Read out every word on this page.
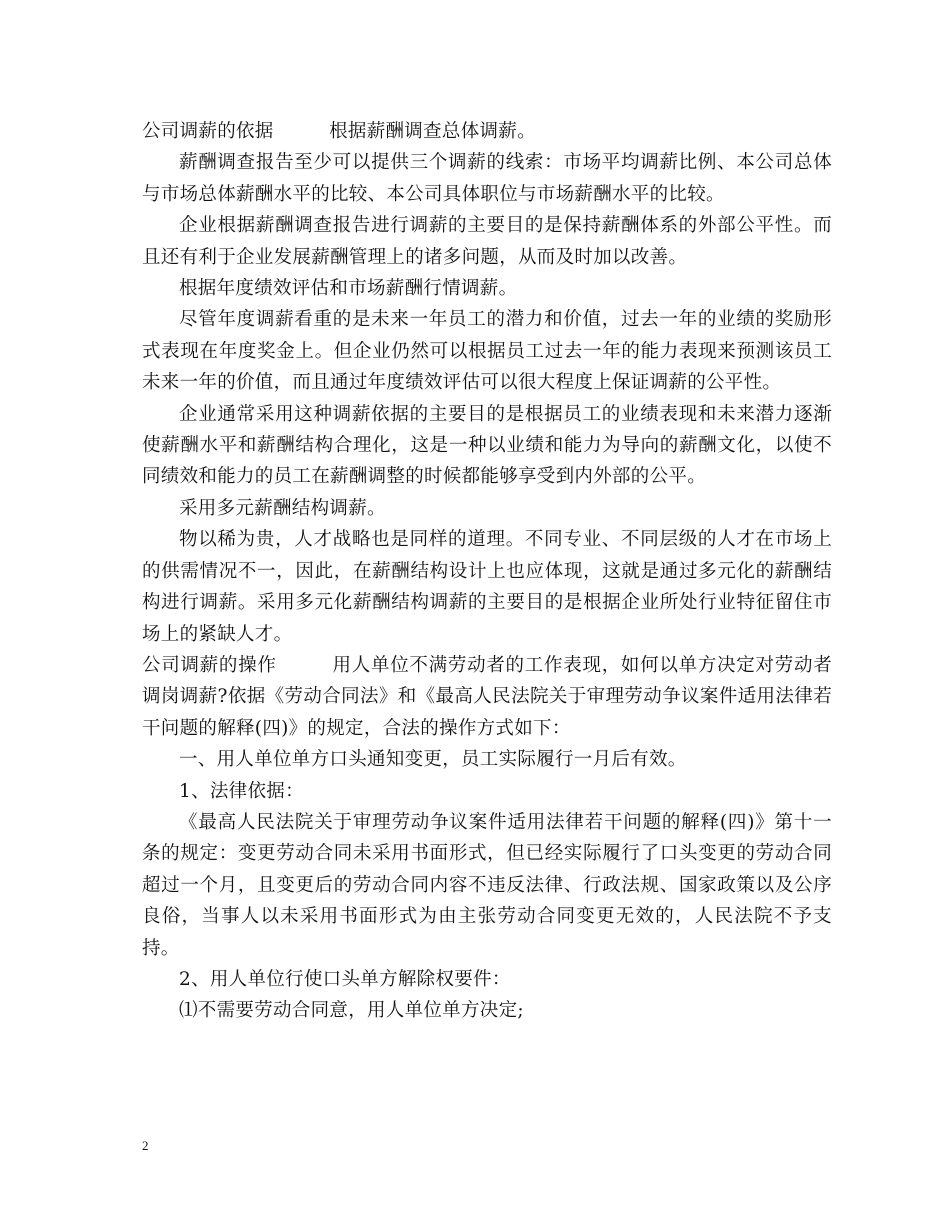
公司调薪的依据	根据薪酬调查总体调薪。

薪酬调查报告至少可以提供三个调薪的线索：市场平均调薪比例、本公司总体与市场总体薪酬水平的比较、本公司具体职位与市场薪酬水平的比较。

企业根据薪酬调查报告进行调薪的主要目的是保持薪酬体系的外部公平性。而且还有利于企业发展薪酬管理上的诸多问题，从而及时加以改善。

根据年度绩效评估和市场薪酬行情调薪。

尽管年度调薪看重的是未来一年员工的潜力和价值，过去一年的业绩的奖励形式表现在年度奖金上。但企业仍然可以根据员工过去一年的能力表现来预测该员工未来一年的价值，而且通过年度绩效评估可以很大程度上保证调薪的公平性。

企业通常采用这种调薪依据的主要目的是根据员工的业绩表现和未来潜力逐渐使薪酬水平和薪酬结构合理化，这是一种以业绩和能力为导向的薪酬文化，以使不同绩效和能力的员工在薪酬调整的时候都能够享受到内外部的公平。

采用多元薪酬结构调薪。

物以稀为贵，人才战略也是同样的道理。不同专业、不同层级的人才在市场上的供需情况不一，因此，在薪酬结构设计上也应体现，这就是通过多元化的薪酬结构进行调薪。采用多元化薪酬结构调薪的主要目的是根据企业所处行业特征留住市场上的紧缺人才。

公司调薪的操作	用人单位不满劳动者的工作表现，如何以单方决定对劳动者调岗调薪?依据《劳动合同法》和《最高人民法院关于审理劳动争议案件适用法律若干问题的解释(四)》的规定，合法的操作方式如下：

一、用人单位单方口头通知变更，员工实际履行一月后有效。

1、法律依据：

《最高人民法院关于审理劳动争议案件适用法律若干问题的解释(四)》第十一条的规定：变更劳动合同未采用书面形式，但已经实际履行了口头变更的劳动合同超过一个月，且变更后的劳动合同内容不违反法律、行政法规、国家政策以及公序良俗，当事人以未采用书面形式为由主张劳动合同变更无效的，人民法院不予支持。

2、用人单位行使口头单方解除权要件：

⑴不需要劳动合同意，用人单位单方决定;

2
